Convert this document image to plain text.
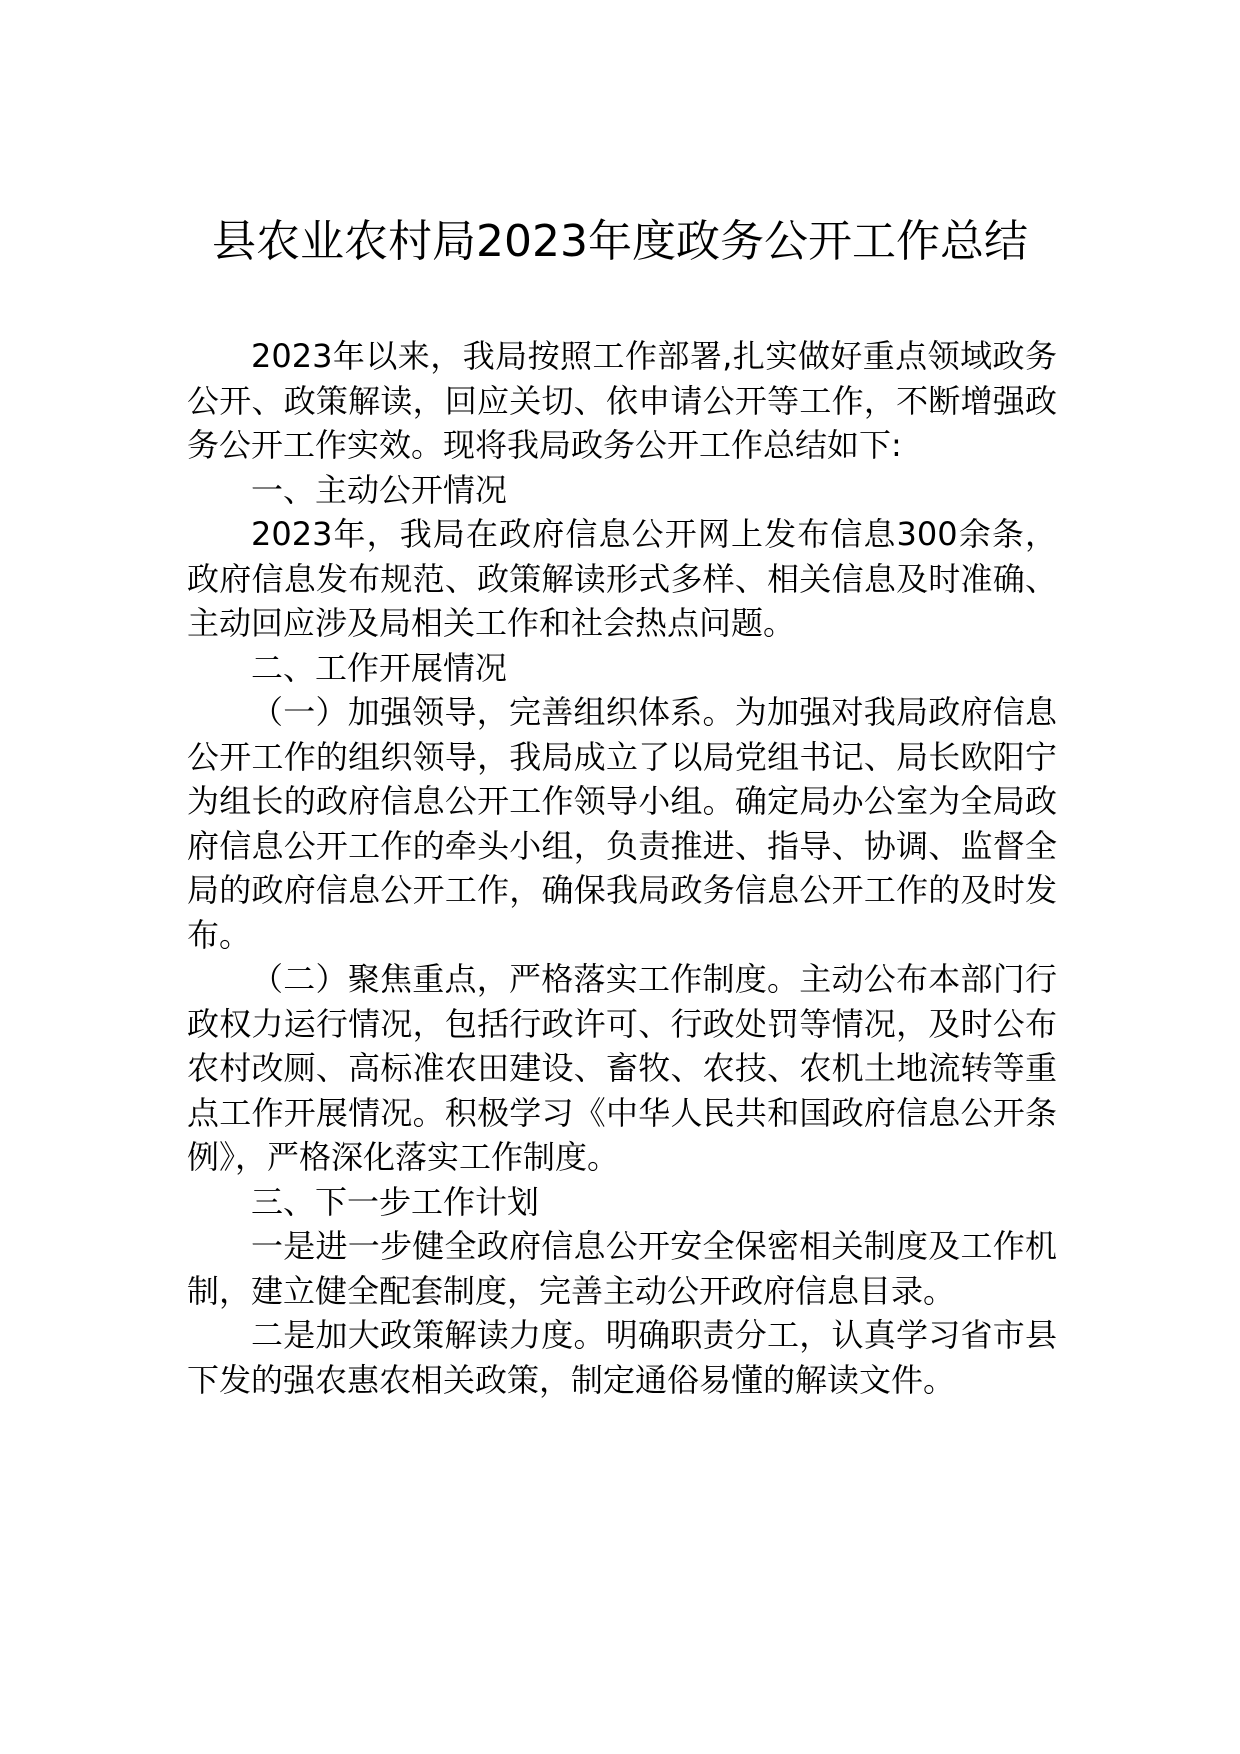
县农业农村局2023年度政务公开工作总结

2023年以来，我局按照工作部署,扎实做好重点领域政务公开、政策解读，回应关切、依申请公开等工作，不断增强政务公开工作实效。现将我局政务公开工作总结如下:

一、主动公开情况

2023年，我局在政府信息公开网上发布信息300余条，政府信息发布规范、政策解读形式多样、相关信息及时准确、主动回应涉及局相关工作和社会热点问题。

二、工作开展情况

（一）加强领导，完善组织体系。为加强对我局政府信息公开工作的组织领导，我局成立了以局党组书记、局长欧阳宁为组长的政府信息公开工作领导小组。确定局办公室为全局政府信息公开工作的牵头小组，负责推进、指导、协调、监督全局的政府信息公开工作，确保我局政务信息公开工作的及时发布。

（二）聚焦重点，严格落实工作制度。主动公布本部门行政权力运行情况，包括行政许可、行政处罚等情况，及时公布农村改厕、高标准农田建设、畜牧、农技、农机土地流转等重点工作开展情况。积极学习《中华人民共和国政府信息公开条例》，严格深化落实工作制度。

三、下一步工作计划

一是进一步健全政府信息公开安全保密相关制度及工作机制，建立健全配套制度，完善主动公开政府信息目录。

二是加大政策解读力度。明确职责分工，认真学习省市县下发的强农惠农相关政策，制定通俗易懂的解读文件。
